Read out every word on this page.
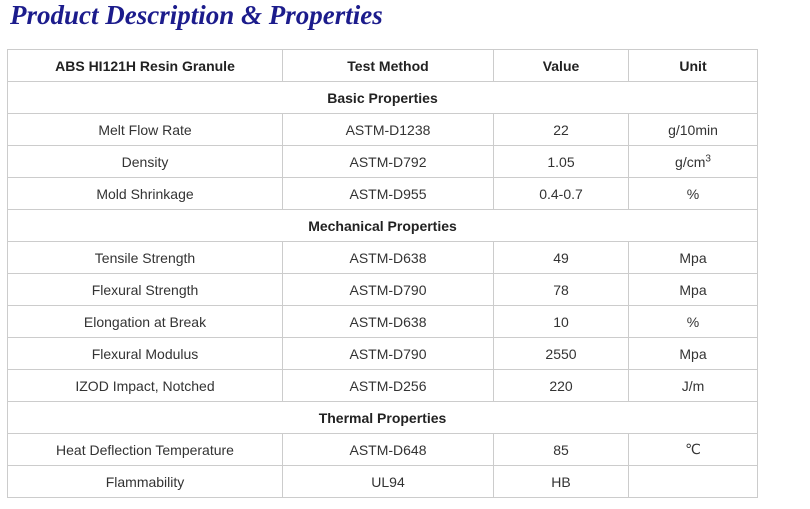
Product Description & Properties
ABS HI121H Resin Granule	Test Method	Value	Unit
Basic Properties			
Melt Flow Rate	ASTM-D1238	22	g/10min
Density	ASTM-D792	1.05	$g/cm^3$
Mold Shrinkage	ASTM-D955	0.4-0.7	%
Mechanical Properties			
Tensile Strength	ASTM-D638	49	Mpa
Flexural Strength	ASTM-D790	78	Mpa
Elongation at Break	ASTM-D638	10	%
Flexural Modulus	ASTM-D790	2550	Mpa
IZOD Impact, Notched	ASTM-D256	220	J/m
Thermal Properties			
Heat Deflection Temperature	ASTM-D648	85	℃
Flammability	UL94	HB	
